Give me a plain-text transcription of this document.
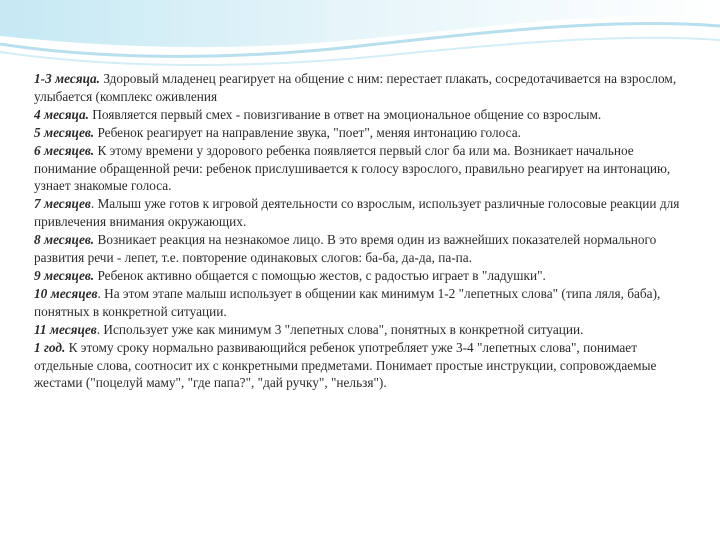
1-3 месяца. Здоровый младенец реагирует на общение с ним: перестает плакать, сосредотачивается на взрослом, улыбается (комплекс оживления

4 месяца. Появляется первый смех - повизгивание в ответ на эмоциональное общение со взрослым.

5 месяцев. Ребенок реагирует на направление звука, "поет", меняя интонацию голоса.

6 месяцев. К этому времени у здорового ребенка появляется первый слог ба или ма. Возникает начальное понимание обращенной речи: ребенок прислушивается к голосу взрослого, правильно реагирует на интонацию, узнает знакомые голоса.

7 месяцев. Малыш уже готов к игровой деятельности со взрослым, использует различные голосовые реакции для привлечения внимания окружающих.

8 месяцев. Возникает реакция на незнакомое лицо. В это время один из важнейших показателей нормального развития речи - лепет, т.е. повторение одинаковых слогов: ба-ба, да-да, па-па.

9 месяцев. Ребенок активно общается с помощью жестов, с радостью играет в "ладушки".

10 месяцев. На этом этапе малыш использует в общении как минимум 1-2 "лепетных слова" (типа ляля, баба), понятных в конкретной ситуации.

11 месяцев. Использует уже как минимум 3 "лепетных слова", понятных в конкретной ситуации.

1 год. К этому сроку нормально развивающийся ребенок употребляет уже 3-4 "лепетных слова", понимает отдельные слова, соотносит их с конкретными предметами. Понимает простые инструкции, сопровождаемые жестами ("поцелуй маму", "где папа?", "дай ручку", "нельзя").
